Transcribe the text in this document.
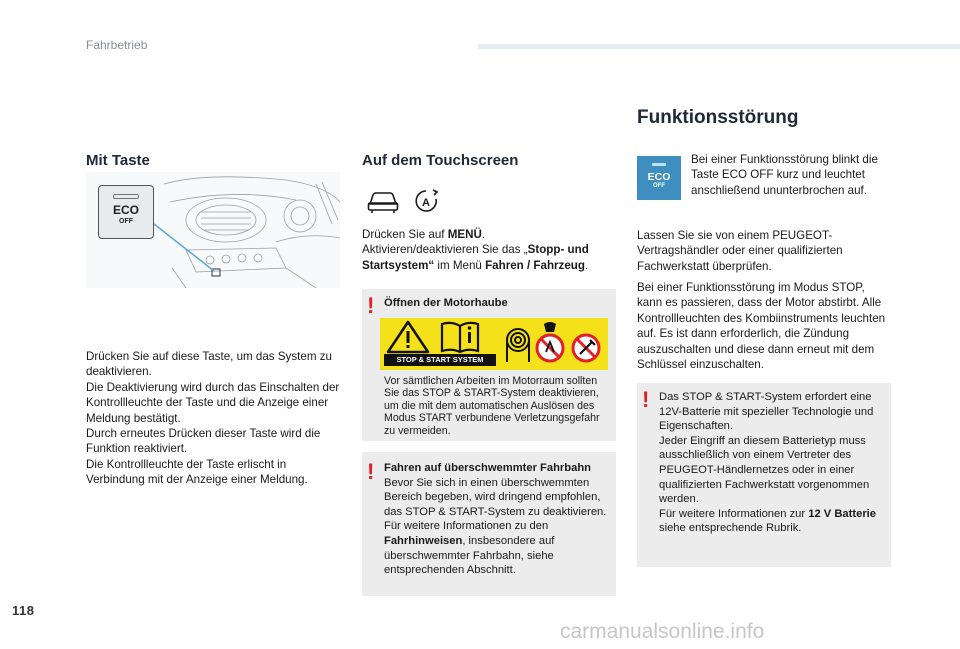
Fahrbetrieb
Mit Taste
ECO
OFF
Drücken Sie auf diese Taste, um das System zu deaktivieren.
Die Deaktivierung wird durch das Einschalten der Kontrollleuchte der Taste und die Anzeige einer Meldung bestätigt.
Durch erneutes Drücken dieser Taste wird die Funktion reaktiviert.
Die Kontrollleuchte der Taste erlischt in Verbindung mit der Anzeige einer Meldung.
Auf dem Touchscreen
A
Drücken Sie auf MENÜ.
Aktivieren/deaktivieren Sie das „Stopp- und Startsystem“ im Menü Fahren / Fahrzeug.
! Öffnen der Motorhaube
Vor sämtlichen Arbeiten im Motorraum sollten Sie das STOP & START-System deaktivieren, um die mit dem automatischen Auslösen des Modus START verbundene Verletzungsgefahr zu vermeiden.
STOP & START SYSTEM
! Fahren auf überschwemmter Fahrbahn
Bevor Sie sich in einen überschwemmten Bereich begeben, wird dringend empfohlen, das STOP & START-System zu deaktivieren.
Für weitere Informationen zu den Fahrhinweisen, insbesondere auf überschwemmter Fahrbahn, siehe entsprechenden Abschnitt.
Funktionsstörung
ECO
OFF
Bei einer Funktionsstörung blinkt die Taste ECO OFF kurz und leuchtet anschließend ununterbrochen auf.
Lassen Sie sie von einem PEUGEOT-Vertragshändler oder einer qualifizierten Fachwerkstatt überprüfen.
Bei einer Funktionsstörung im Modus STOP, kann es passieren, dass der Motor abstirbt. Alle Kontrollleuchten des Kombiinstruments leuchten auf. Es ist dann erforderlich, die Zündung auszuschalten und diese dann erneut mit dem Schlüssel einzuschalten.
! Das STOP & START-System erfordert eine 12V-Batterie mit spezieller Technologie und Eigenschaften.
Jeder Eingriff an diesem Batterietyp muss ausschließlich von einem Vertreter des PEUGEOT-Händlernetzes oder in einer qualifizierten Fachwerkstatt vorgenommen werden.
Für weitere Informationen zur 12 V Batterie siehe entsprechende Rubrik.
118
carmanualsonline.info
